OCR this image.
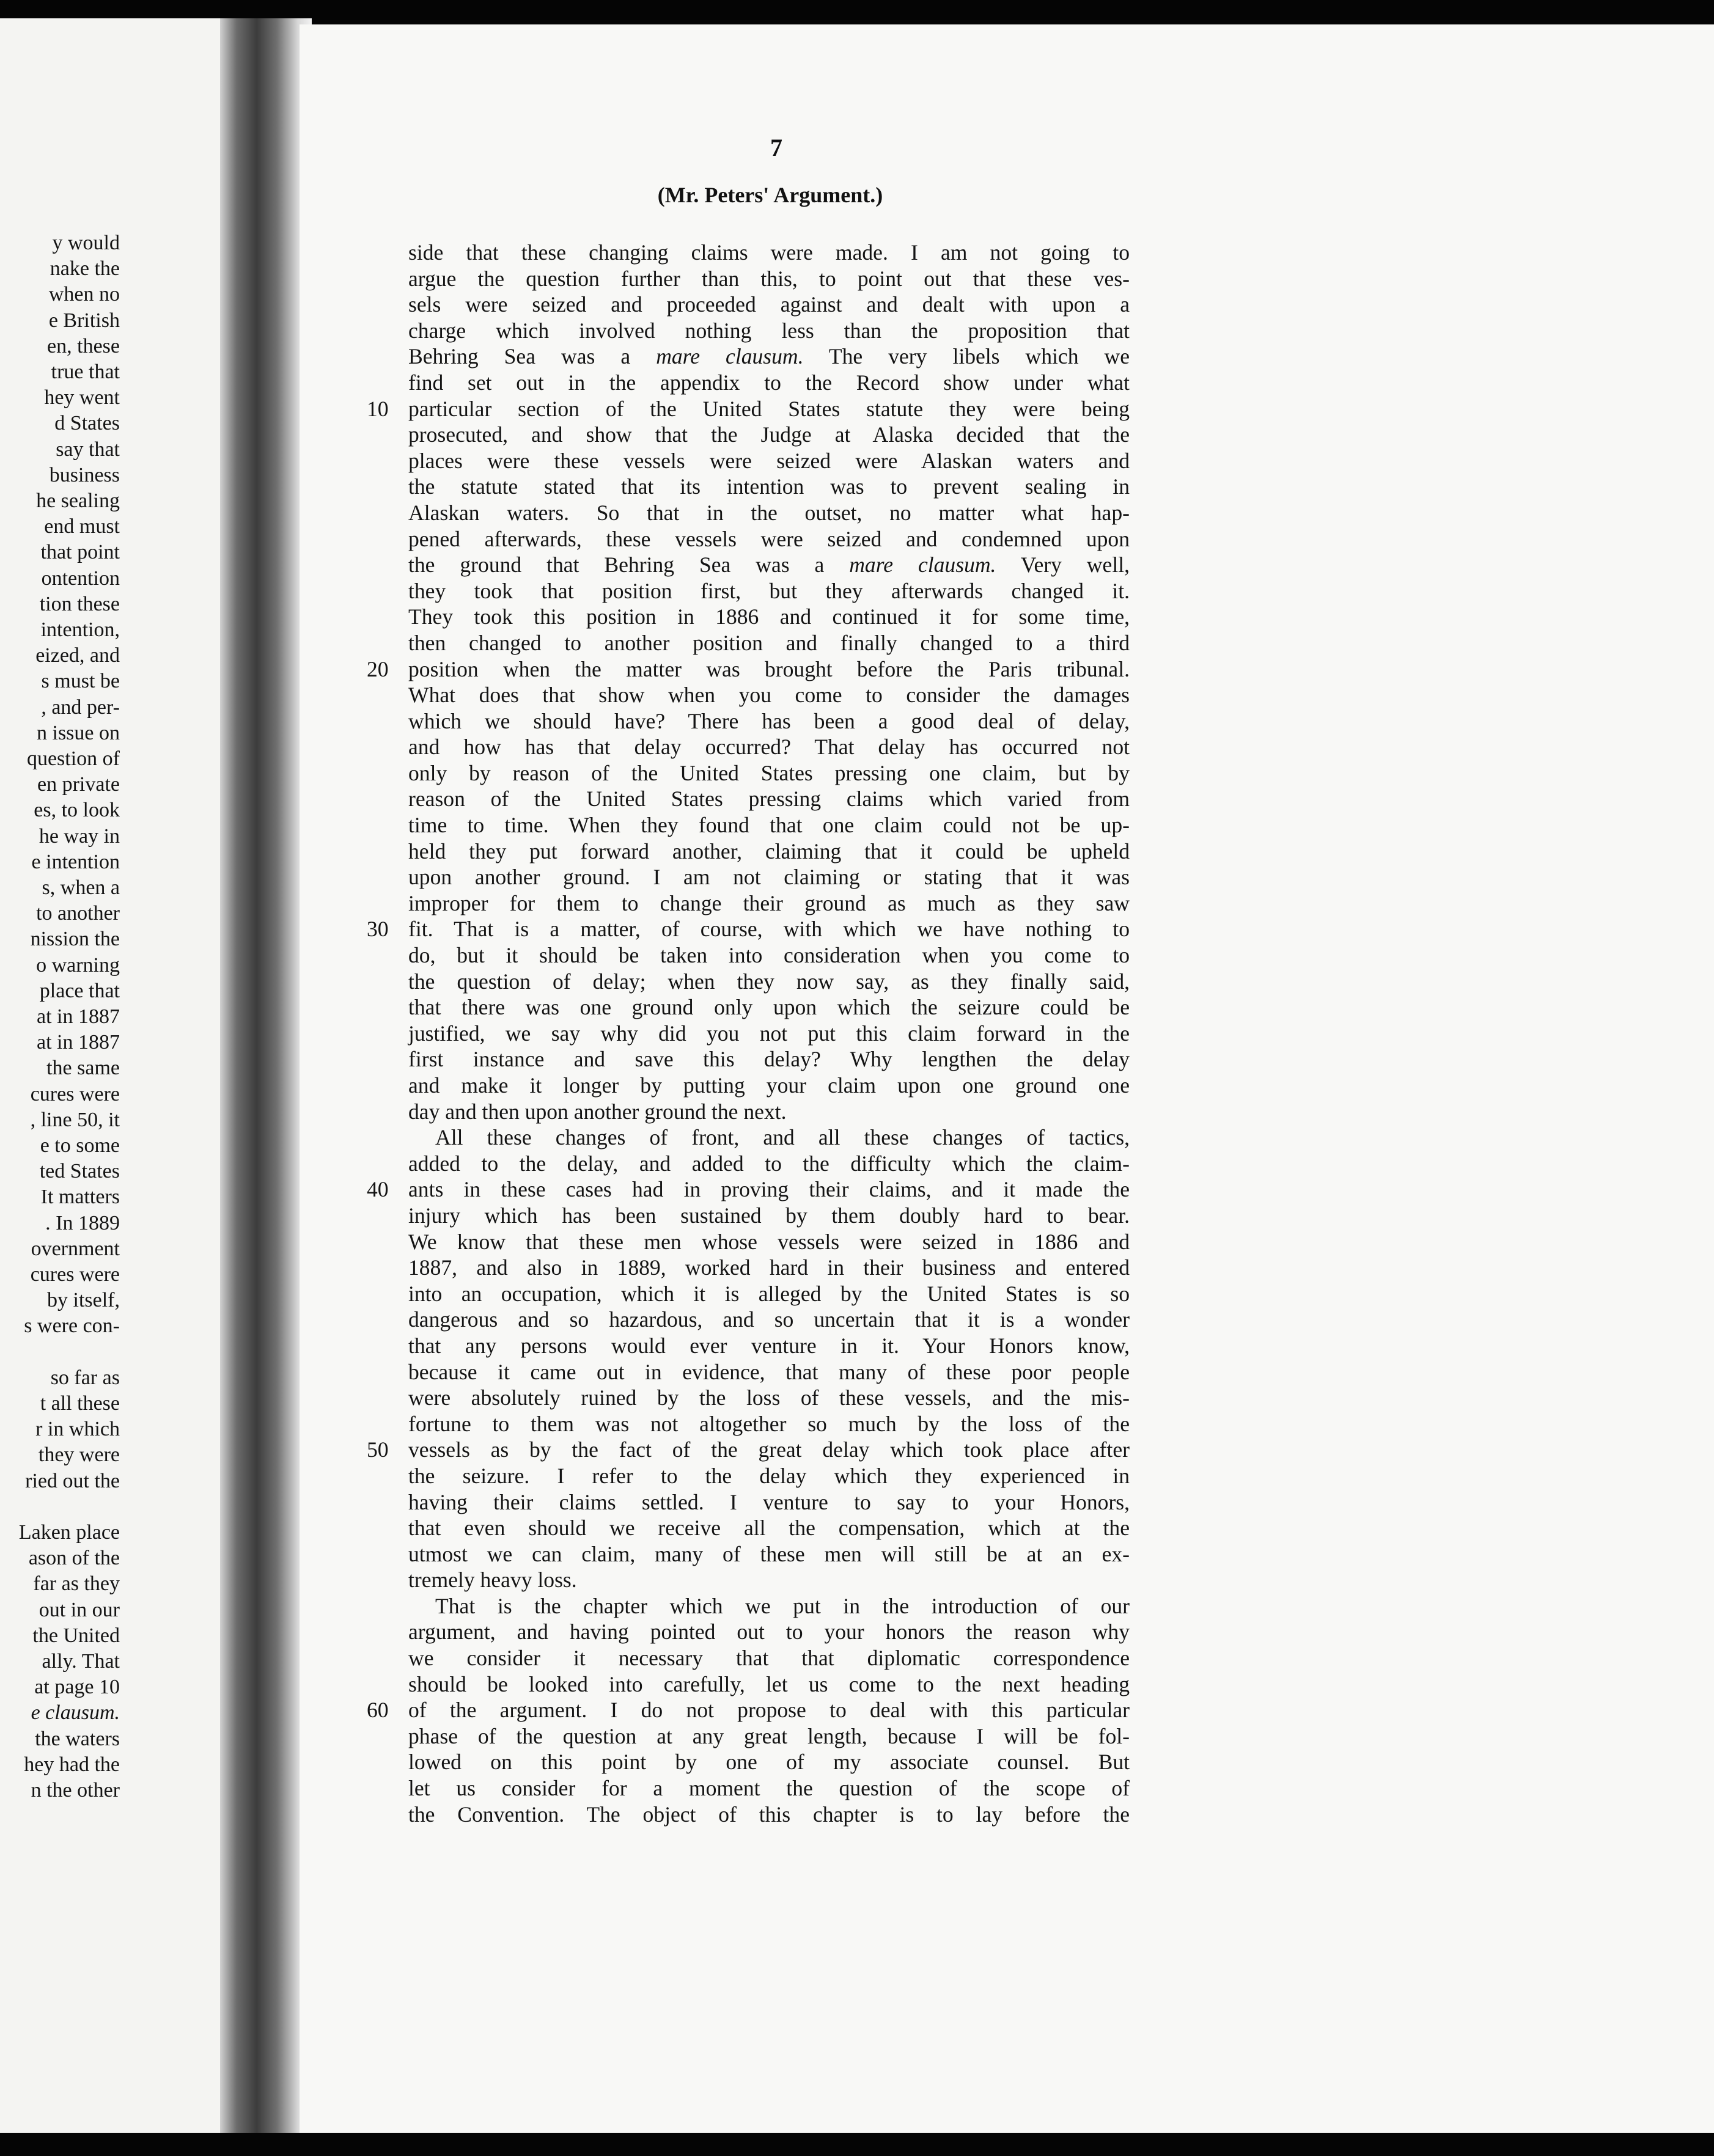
y would
nake the
when no
e British
en, these
true that
hey went
d States
say that
business
he sealing
end must
that point
ontention
tion these
intention,
eized, and
s must be
, and per-
n issue on
question of
en private
es, to look
he way in
e intention
s, when a
to another
nission the
o warning
place that
at in 1887
at in 1887
the same
cures were
, line 50, it
e to some
ted States
It matters
. In 1889
overnment
cures were
by itself,
s were con-
so far as
t all these
r in which
they were
ried out the
Laken place
ason of the
far as they
out in our
the United
ally. That
at page 10
e clausum.
the waters
hey had the
n the other
7
(Mr. Peters' Argument.)
side that these changing claims were made. I am not going to
argue the question further than this, to point out that these ves-
sels were seized and proceeded against and dealt with upon a
charge which involved nothing less than the proposition that
Behring Sea was a mare clausum. The very libels which we
find set out in the appendix to the Record show under what
10 particular section of the United States statute they were being
prosecuted, and show that the Judge at Alaska decided that the
places were these vessels were seized were Alaskan waters and
the statute stated that its intention was to prevent sealing in
Alaskan waters. So that in the outset, no matter what hap-
pened afterwards, these vessels were seized and condemned upon
the ground that Behring Sea was a mare clausum. Very well,
they took that position first, but they afterwards changed it.
They took this position in 1886 and continued it for some time,
then changed to another position and finally changed to a third
20 position when the matter was brought before the Paris tribunal.
What does that show when you come to consider the damages
which we should have? There has been a good deal of delay,
and how has that delay occurred? That delay has occurred not
only by reason of the United States pressing one claim, but by
reason of the United States pressing claims which varied from
time to time. When they found that one claim could not be up-
held they put forward another, claiming that it could be upheld
upon another ground. I am not claiming or stating that it was
improper for them to change their ground as much as they saw
30 fit. That is a matter, of course, with which we have nothing to
do, but it should be taken into consideration when you come to
the question of delay; when they now say, as they finally said,
that there was one ground only upon which the seizure could be
justified, we say why did you not put this claim forward in the
first instance and save this delay? Why lengthen the delay
and make it longer by putting your claim upon one ground one
day and then upon another ground the next.
All these changes of front, and all these changes of tactics,
added to the delay, and added to the difficulty which the claim-
40 ants in these cases had in proving their claims, and it made the
injury which has been sustained by them doubly hard to bear.
We know that these men whose vessels were seized in 1886 and
1887, and also in 1889, worked hard in their business and entered
into an occupation, which it is alleged by the United States is so
dangerous and so hazardous, and so uncertain that it is a wonder
that any persons would ever venture in it. Your Honors know,
because it came out in evidence, that many of these poor people
were absolutely ruined by the loss of these vessels, and the mis-
fortune to them was not altogether so much by the loss of the
50 vessels as by the fact of the great delay which took place after
the seizure. I refer to the delay which they experienced in
having their claims settled. I venture to say to your Honors,
that even should we receive all the compensation, which at the
utmost we can claim, many of these men will still be at an ex-
tremely heavy loss.
That is the chapter which we put in the introduction of our
argument, and having pointed out to your honors the reason why
we consider it necessary that that diplomatic correspondence
should be looked into carefully, let us come to the next heading
60 of the argument. I do not propose to deal with this particular
phase of the question at any great length, because I will be fol-
lowed on this point by one of my associate counsel. But
let us consider for a moment the question of the scope of
the Convention. The object of this chapter is to lay before the
